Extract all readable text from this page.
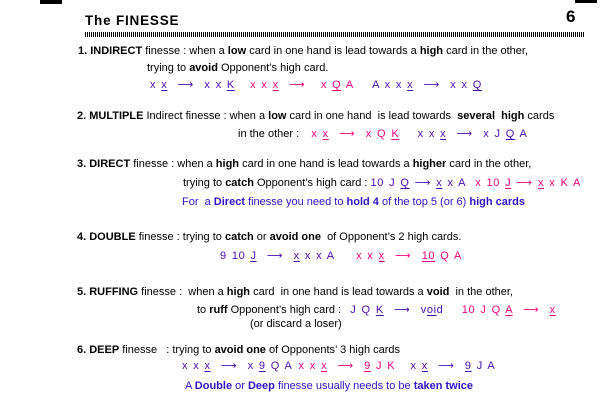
The FINESSE	6
1. INDIRECT finesse : when a low card in one hand is lead towards a high card in the other,
trying to avoid Opponent’s high card.
x x  ⟶  x x K x x x  ⟶   x Q A A x x x  ⟶  x x Q
2. MULTIPLE Indirect finesse : when a low card in one hand  is lead towards  several  high cards
in the other :    x x  ⟶  x Q K x x x  ⟶  x J Q A
3. DIRECT finesse : when a high card in one hand is lead towards a higher card in the other,
trying to catch Opponent’s high card : 10 J Q ⟶ x x A x 10 J ⟶ x x K A
For  a Direct finesse you need to hold 4 of the top 5 (or 6) high cards
4. DOUBLE finesse : trying to catch or avoid one  of Opponent’s 2 high cards.
9 10 J  ⟶  x x x A x x x  ⟶  10 Q A
5. RUFFING finesse :  when a high card  in one hand is lead towards a void  in the other,
to ruff Opponent’s high card :   J Q K  ⟶  void 10 J Q A  ⟶  x
(or discard a loser)
6. DEEP finesse   : trying to avoid one of Opponents’ 3 high cards
x x x  ⟶  x 9 Q A x x x  ⟶  9 J K x x  ⟶  9 J A
A Double or Deep finesse usually needs to be taken twice
